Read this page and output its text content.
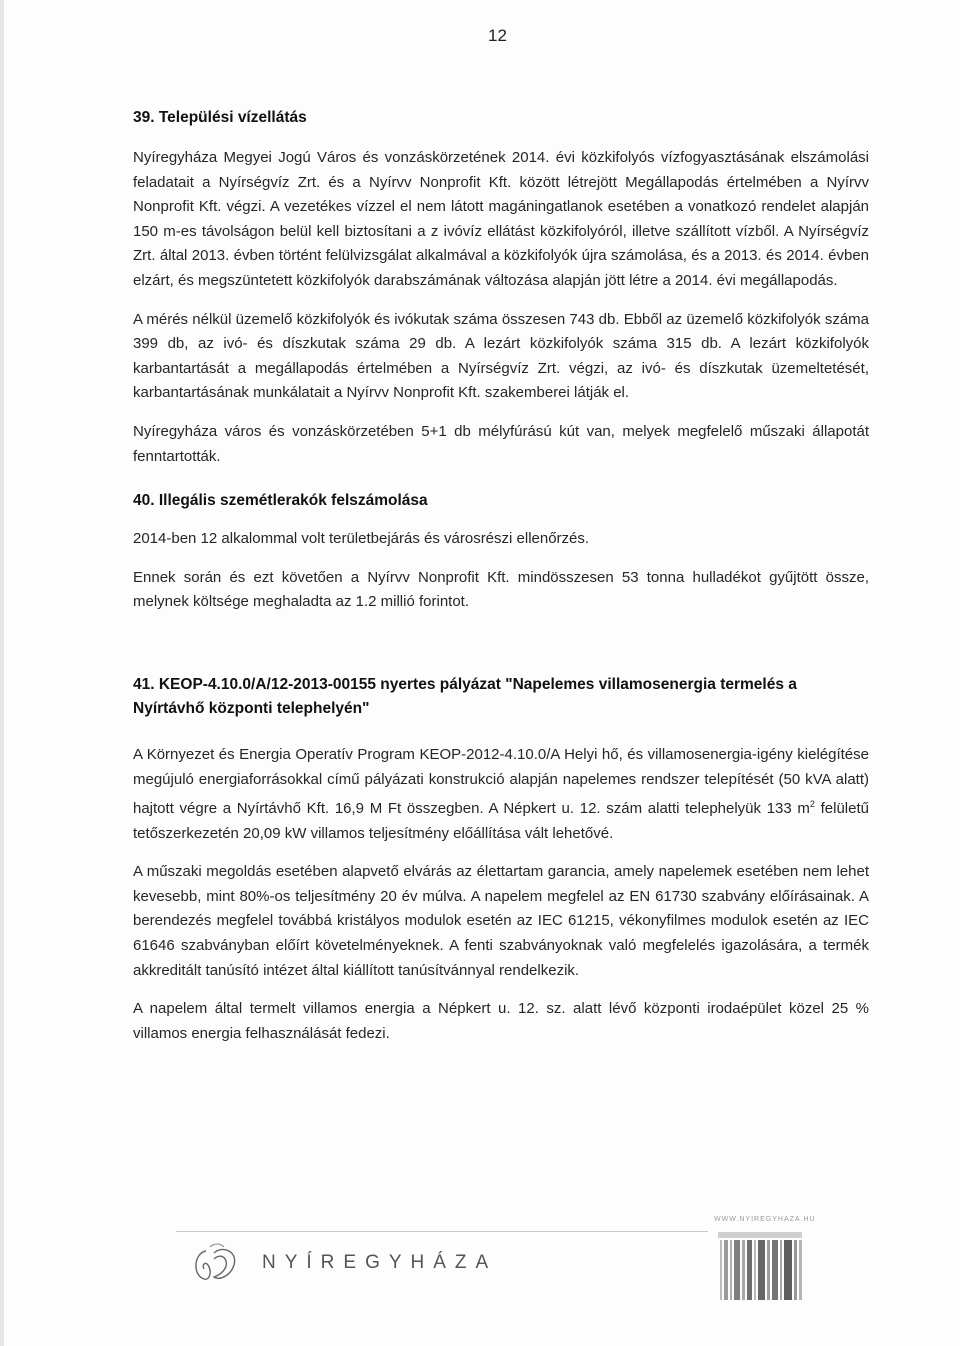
12
39. Települési vízellátás

Nyíregyháza Megyei Jogú Város és vonzáskörzetének 2014. évi közkifolyós vízfogyasztásának elszámolási feladatait a Nyírségvíz Zrt. és a Nyírvv Nonprofit Kft. között létrejött Megállapodás értelmében a Nyírvv Nonprofit Kft. végzi. A vezetékes vízzel el nem látott magáningatlanok esetében a vonatkozó rendelet alapján 150 m-es távolságon belül kell biztosítani a z ivóvíz ellátást közkifolyóról, illetve szállított vízből. A Nyírségvíz Zrt. által 2013. évben történt felülvizsgálat alkalmával a közkifolyók újra számolása, és a 2013. és 2014. évben elzárt, és megszüntetett közkifolyók darabszámának változása alapján jött létre a 2014. évi megállapodás.

A mérés nélkül üzemelő közkifolyók és ivókutak száma összesen 743 db. Ebből az üzemelő közkifolyók száma 399 db, az ivó- és díszkutak száma 29 db. A lezárt közkifolyók száma 315 db. A lezárt közkifolyók karbantartását a megállapodás értelmében a Nyírségvíz Zrt. végzi, az ivó- és díszkutak üzemeltetését, karbantartásának munkálatait a Nyírvv Nonprofit Kft. szakemberei látják el.

Nyíregyháza város és vonzáskörzetében 5+1 db mélyfúrású kút van, melyek megfelelő műszaki állapotát fenntartották.

40. Illegális szemétlerakók felszámolása

2014-ben 12 alkalommal volt területbejárás és városrészi ellenőrzés.

Ennek során és ezt követően a Nyírvv Nonprofit Kft. mindösszesen 53 tonna hulladékot gyűjtött össze, melynek költsége meghaladta az 1.2 millió forintot.

41. KEOP-4.10.0/A/12-2013-00155 nyertes pályázat "Napelemes villamosenergia termelés a Nyírtávhő központi telephelyén"

A Környezet és Energia Operatív Program KEOP-2012-4.10.0/A Helyi hő, és villamosenergia-igény kielégítése megújuló energiaforrásokkal című pályázati konstrukció alapján napelemes rendszer telepítését (50 kVA alatt) hajtott végre a Nyírtávhő Kft. 16,9 M Ft összegben. A Népkert u. 12. szám alatti telephelyük 133 $m^2$ felületű tetőszerkezetén 20,09 kW villamos teljesítmény előállítása vált lehetővé.

A műszaki megoldás esetében alapvető elvárás az élettartam garancia, amely napelemek esetében nem lehet kevesebb, mint 80%-os teljesítmény 20 év múlva. A napelem megfelel az EN 61730 szabvány előírásainak. A berendezés megfelel továbbá kristályos modulok esetén az IEC 61215, vékonyfilmes modulok esetén az IEC 61646 szabványban előírt követelményeknek. A fenti szabványoknak való megfelelés igazolására, a termék akkreditált tanúsító intézet által kiállított tanúsítvánnyal rendelkezik.

A napelem által termelt villamos energia a Népkert u. 12. sz. alatt lévő központi irodaépület közel 25 % villamos energia felhasználását fedezi.

WWW.NYIREGYHAZA.HU
NYÍREGYHÁZA
